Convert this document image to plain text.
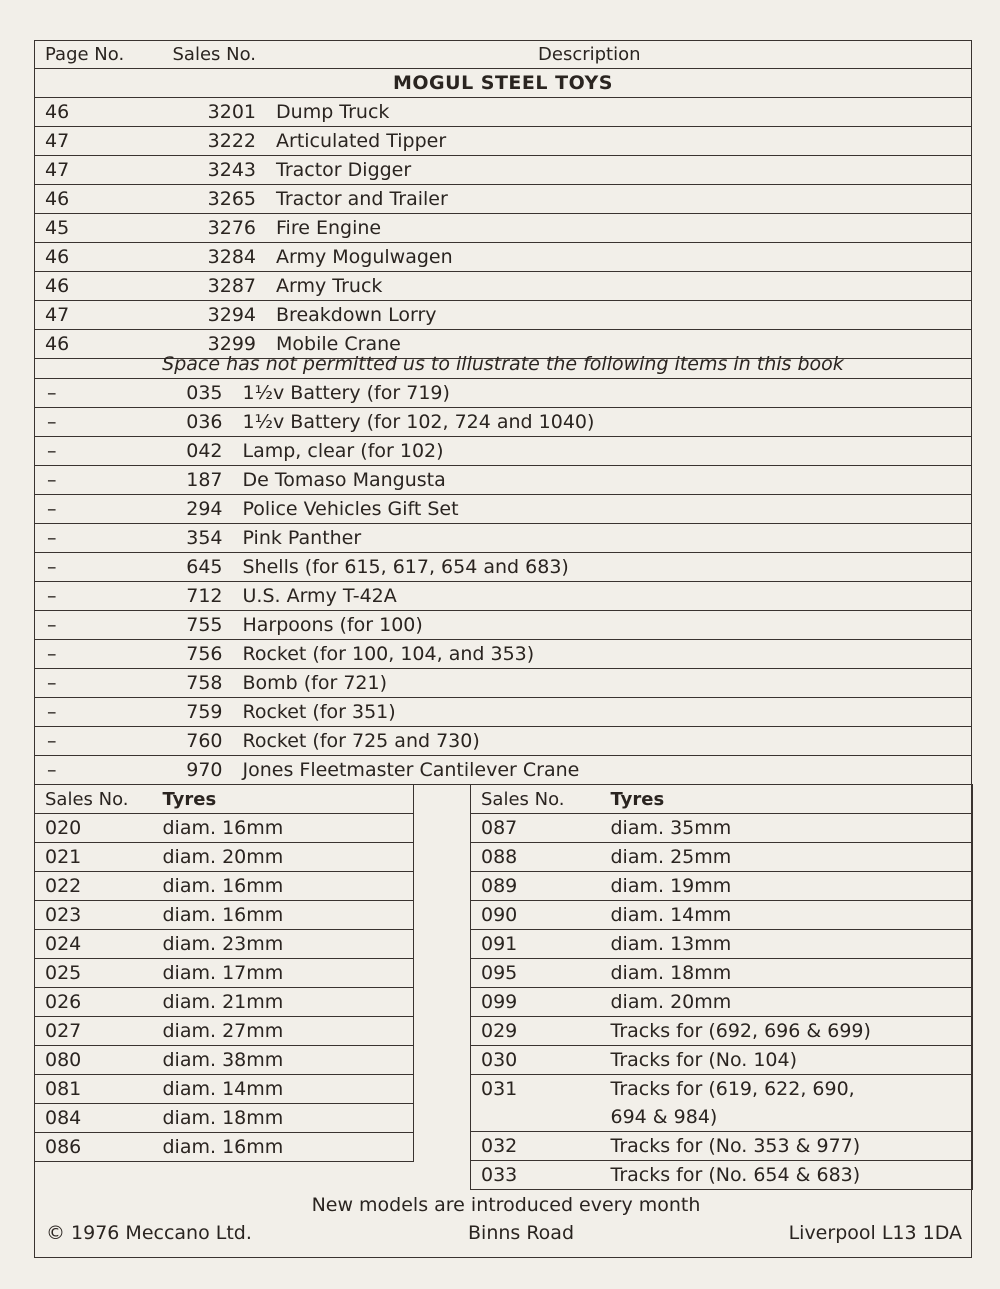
Page No.	Sales No.	Description
MOGUL STEEL TOYS		
46	3201	Dump Truck
47	3222	Articulated Tipper
47	3243	Tractor Digger
46	3265	Tractor and Trailer
45	3276	Fire Engine
46	3284	Army Mogulwagen
46	3287	Army Truck
47	3294	Breakdown Lorry
46	3299	Mobile Crane
Space has not permitted us to illustrate the following items in this book
–	035	1½v Battery (for 719)
–	036	1½v Battery (for 102, 724 and 1040)
–	042	Lamp, clear (for 102)
–	187	De Tomaso Mangusta
–	294	Police Vehicles Gift Set
–	354	Pink Panther
–	645	Shells (for 615, 617, 654 and 683)
–	712	U.S. Army T-42A
–	755	Harpoons (for 100)
–	756	Rocket (for 100, 104, and 353)
–	758	Bomb (for 721)
–	759	Rocket (for 351)
–	760	Rocket (for 725 and 730)
–	970	Jones Fleetmaster Cantilever Crane
Sales No.	Tyres
020	diam. 16mm
021	diam. 20mm
022	diam. 16mm
023	diam. 16mm
024	diam. 23mm
025	diam. 17mm
026	diam. 21mm
027	diam. 27mm
080	diam. 38mm
081	diam. 14mm
084	diam. 18mm
086	diam. 16mm
Sales No.	Tyres
087	diam. 35mm
088	diam. 25mm
089	diam. 19mm
090	diam. 14mm
091	diam. 13mm
095	diam. 18mm
099	diam. 20mm
029	Tracks for (692, 696 & 699)
030	Tracks for (No. 104)
031	Tracks for (619, 622, 690,
	694 & 984)
032	Tracks for (No. 353 & 977)
033	Tracks for (No. 654 & 683)
New models are introduced every month
© 1976 Meccano Ltd.	Binns Road	Liverpool L13 1DA
